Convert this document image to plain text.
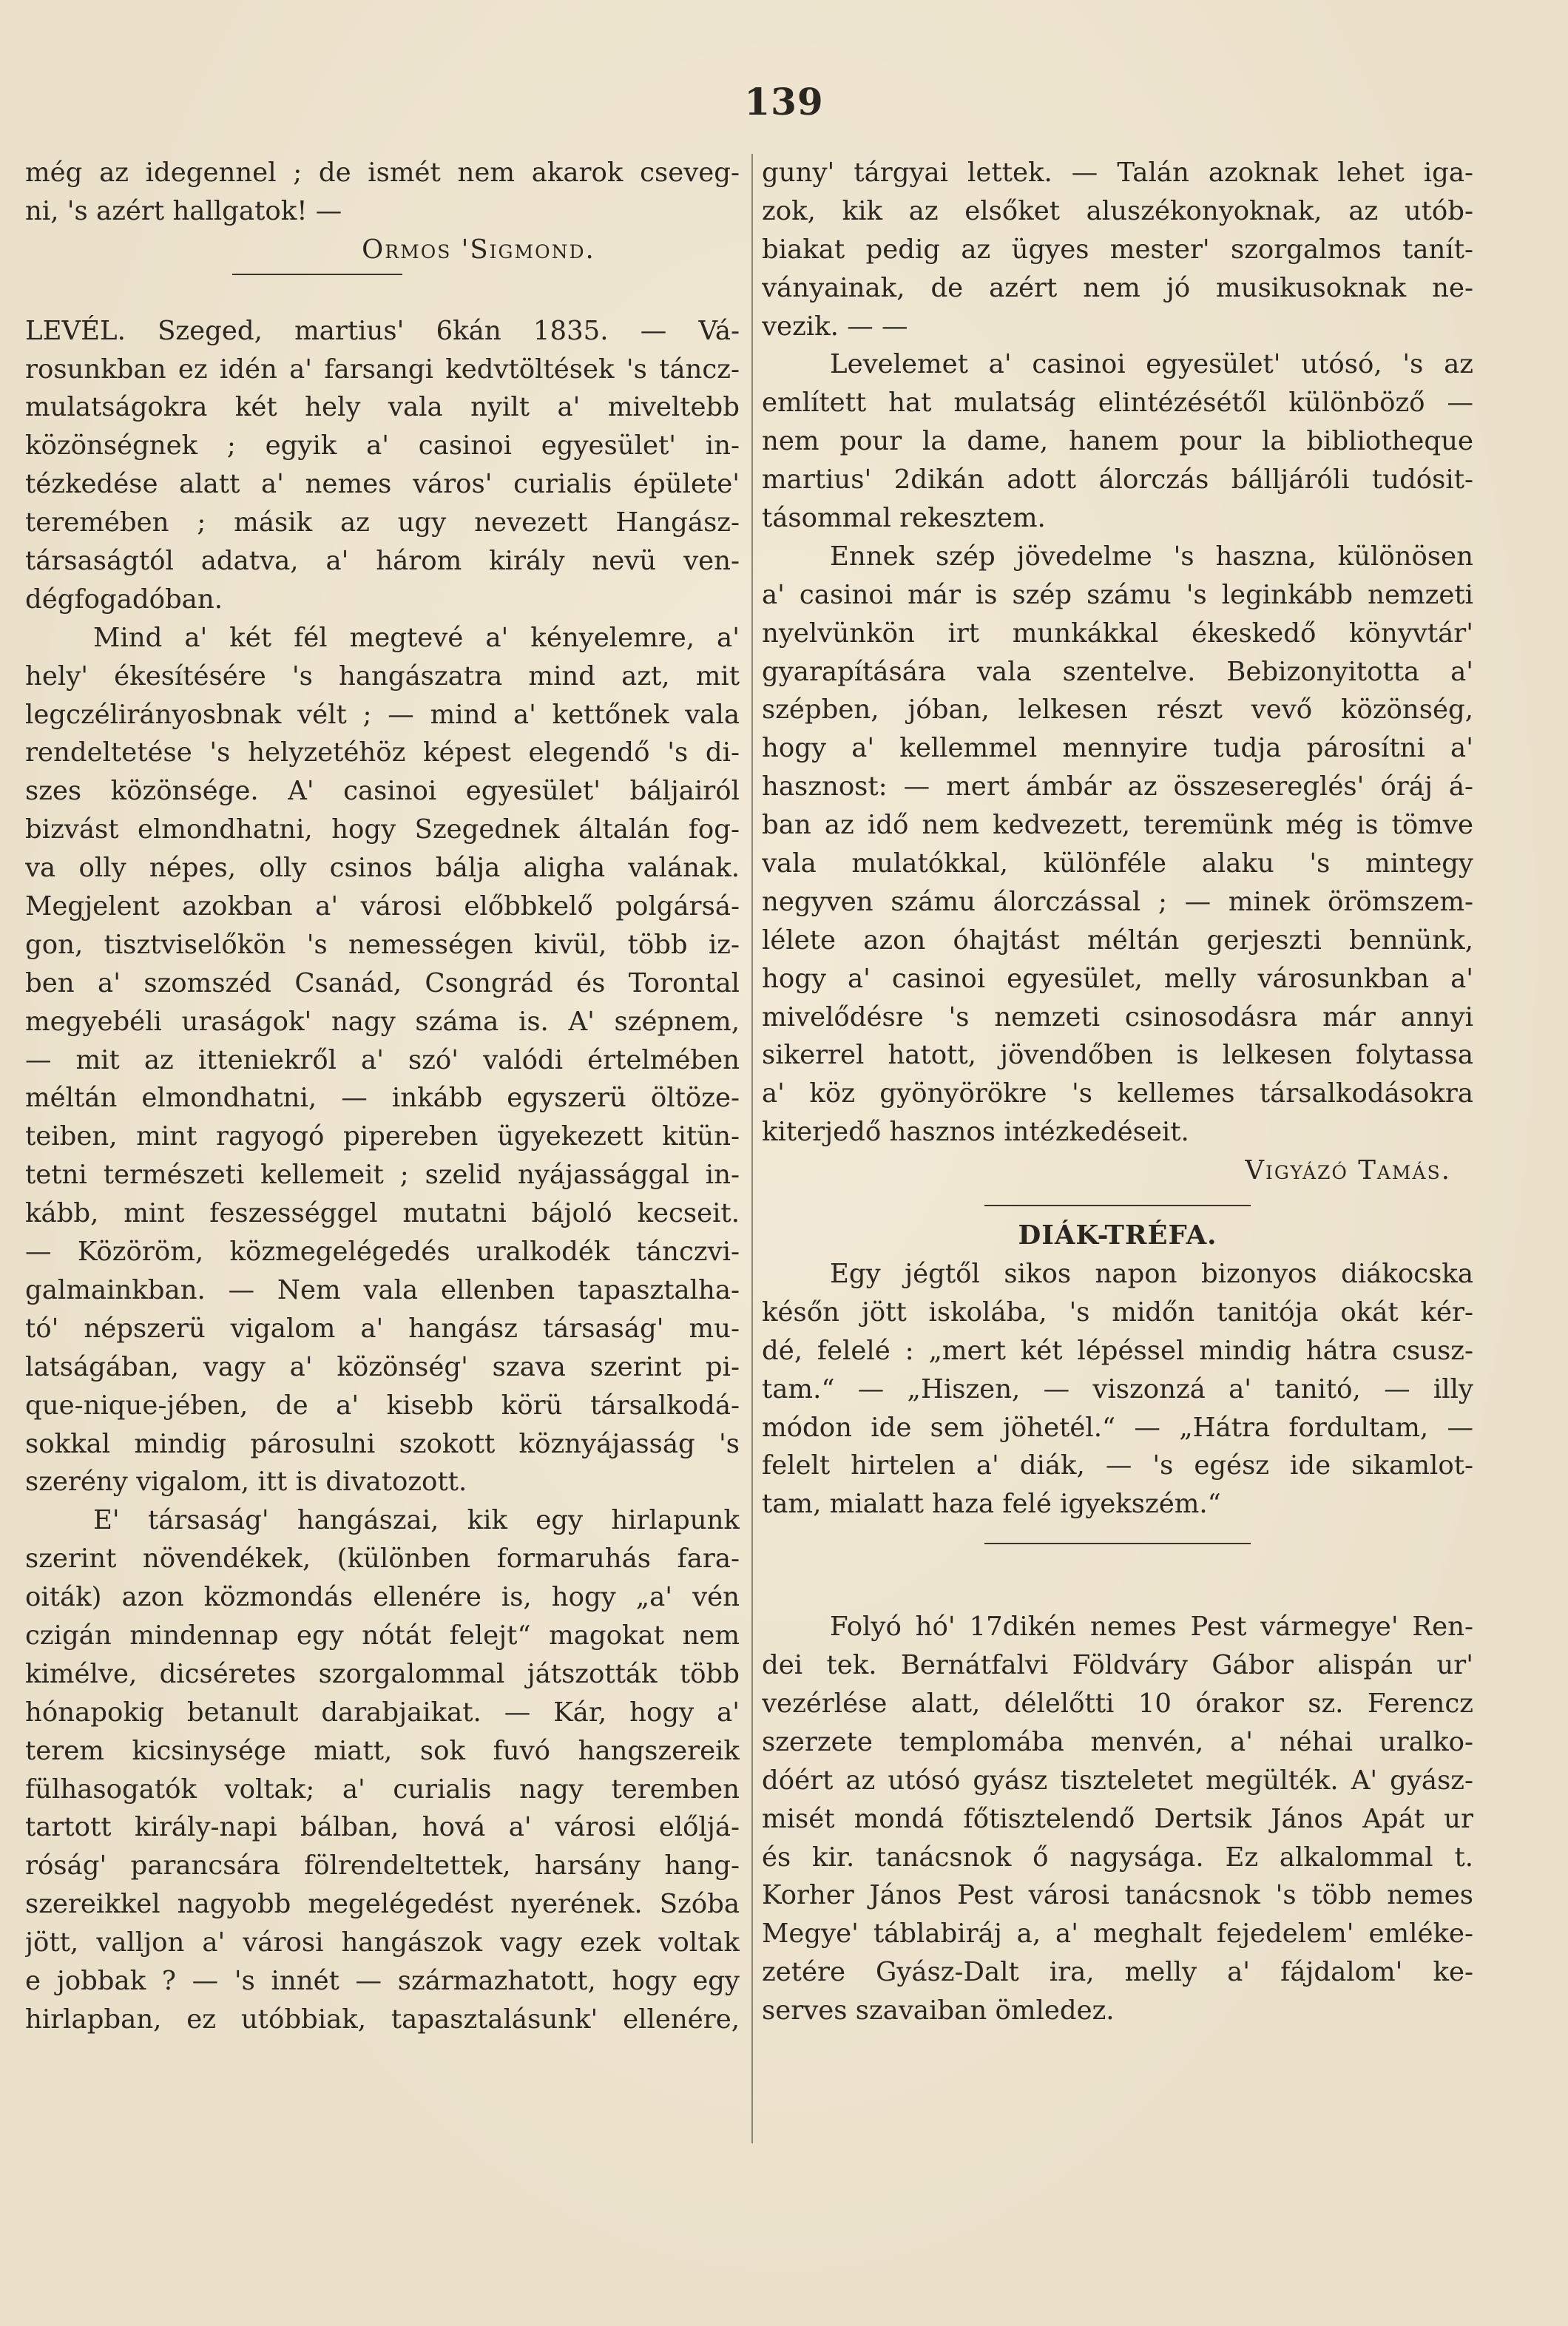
139
még az idegennel ; de ismét nem akarok cseveg-
ni, 's azért hallgatok! —
Ormos 'Sigmond.
LEVÉL. Szeged, martius' 6kán 1835. — Vá-
rosunkban ez idén a' farsangi kedvtöltések 's táncz-
mulatságokra két hely vala nyilt a' miveltebb
közönségnek ; egyik a' casinoi egyesület' in-
tézkedése alatt a' nemes város' curialis épülete'
teremében ; másik az ugy nevezett Hangász-
társaságtól adatva, a' három király nevü ven-
dégfogadóban.
Mind a' két fél megtevé a' kényelemre, a'
hely' ékesítésére 's hangászatra mind azt, mit
legczélirányosbnak vélt ; — mind a' kettőnek vala
rendeltetése 's helyzetéhöz képest elegendő 's di-
szes közönsége. A' casinoi egyesület' báljairól
bizvást elmondhatni, hogy Szegednek általán fog-
va olly népes, olly csinos bálja aligha valának.
Megjelent azokban a' városi előbbkelő polgársá-
gon, tisztviselőkön 's nemességen kivül, több iz-
ben a' szomszéd Csanád, Csongrád és Torontal
megyebéli uraságok' nagy száma is. A' szépnem,
— mit az itteniekről a' szó' valódi értelmében
méltán elmondhatni, — inkább egyszerü öltöze-
teiben, mint ragyogó pipereben ügyekezett kitün-
tetni természeti kellemeit ; szelid nyájassággal in-
kább, mint feszességgel mutatni bájoló kecseit.
— Közöröm, közmegelégedés uralkodék tánczvi-
galmainkban. — Nem vala ellenben tapasztalha-
tó' népszerü vigalom a' hangász társaság' mu-
latságában, vagy a' közönség' szava szerint pi-
que-nique-jében, de a' kisebb körü társalkodá-
sokkal mindig párosulni szokott köznyájasság 's
szerény vigalom, itt is divatozott.
E' társaság' hangászai, kik egy hirlapunk
szerint növendékek, (különben formaruhás fara-
oiták) azon közmondás ellenére is, hogy „a' vén
czigán mindennap egy nótát felejt“ magokat nem
kimélve, dicséretes szorgalommal játszották több
hónapokig betanult darabjaikat. — Kár, hogy a'
terem kicsinysége miatt, sok fuvó hangszereik
fülhasogatók voltak; a' curialis nagy teremben
tartott király-napi bálban, hová a' városi előljá-
róság' parancsára fölrendeltettek, harsány hang-
szereikkel nagyobb megelégedést nyerének. Szóba
jött, valljon a' városi hangászok vagy ezek voltak
e jobbak ? — 's innét — származhatott, hogy egy
hirlapban, ez utóbbiak, tapasztalásunk' ellenére,
guny' tárgyai lettek. — Talán azoknak lehet iga-
zok, kik az elsőket aluszékonyoknak, az utób-
biakat pedig az ügyes mester' szorgalmos tanít-
ványainak, de azért nem jó musikusoknak ne-
vezik. — —
Levelemet a' casinoi egyesület' utósó, 's az
említett hat mulatság elintézésétől különböző —
nem pour la dame, hanem pour la bibliotheque
martius' 2dikán adott álorczás bálljáróli tudósit-
tásommal rekesztem.
Ennek szép jövedelme 's haszna, különösen
a' casinoi már is szép számu 's leginkább nemzeti
nyelvünkön irt munkákkal ékeskedő könyvtár'
gyarapítására vala szentelve. Bebizonyitotta a'
szépben, jóban, lelkesen részt vevő közönség,
hogy a' kellemmel mennyire tudja párosítni a'
hasznost: — mert ámbár az összesereglés' óráj á-
ban az idő nem kedvezett, teremünk még is tömve
vala mulatókkal, különféle alaku 's mintegy
negyven számu álorczással ; — minek örömszem-
lélete azon óhajtást méltán gerjeszti bennünk,
hogy a' casinoi egyesület, melly városunkban a'
mivelődésre 's nemzeti csinosodásra már annyi
sikerrel hatott, jövendőben is lelkesen folytassa
a' köz gyönyörökre 's kellemes társalkodásokra
kiterjedő hasznos intézkedéseit.
Vigyázó Tamás.
DIÁK-TRÉFA.
Egy jégtől sikos napon bizonyos diákocska
későn jött iskolába, 's midőn tanitója okát kér-
dé, felelé : „mert két lépéssel mindig hátra csusz-
tam.“ — „Hiszen, — viszonzá a' tanitó, — illy
módon ide sem jöhetél.“ — „Hátra fordultam, —
felelt hirtelen a' diák, — 's egész ide sikamlot-
tam, mialatt haza felé igyekszém.“
Folyó hó' 17dikén nemes Pest vármegye' Ren-
dei tek. Bernátfalvi Földváry Gábor alispán ur'
vezérlése alatt, délelőtti 10 órakor sz. Ferencz
szerzete templomába menvén, a' néhai uralko-
dóért az utósó gyász tiszteletet megülték. A' gyász-
misét mondá főtisztelendő Dertsik János Apát ur
és kir. tanácsnok ő nagysága. Ez alkalommal t.
Korher János Pest városi tanácsnok 's több nemes
Megye' táblabiráj a, a' meghalt fejedelem' emléke-
zetére Gyász-Dalt ira, melly a' fájdalom' ke-
serves szavaiban ömledez.
